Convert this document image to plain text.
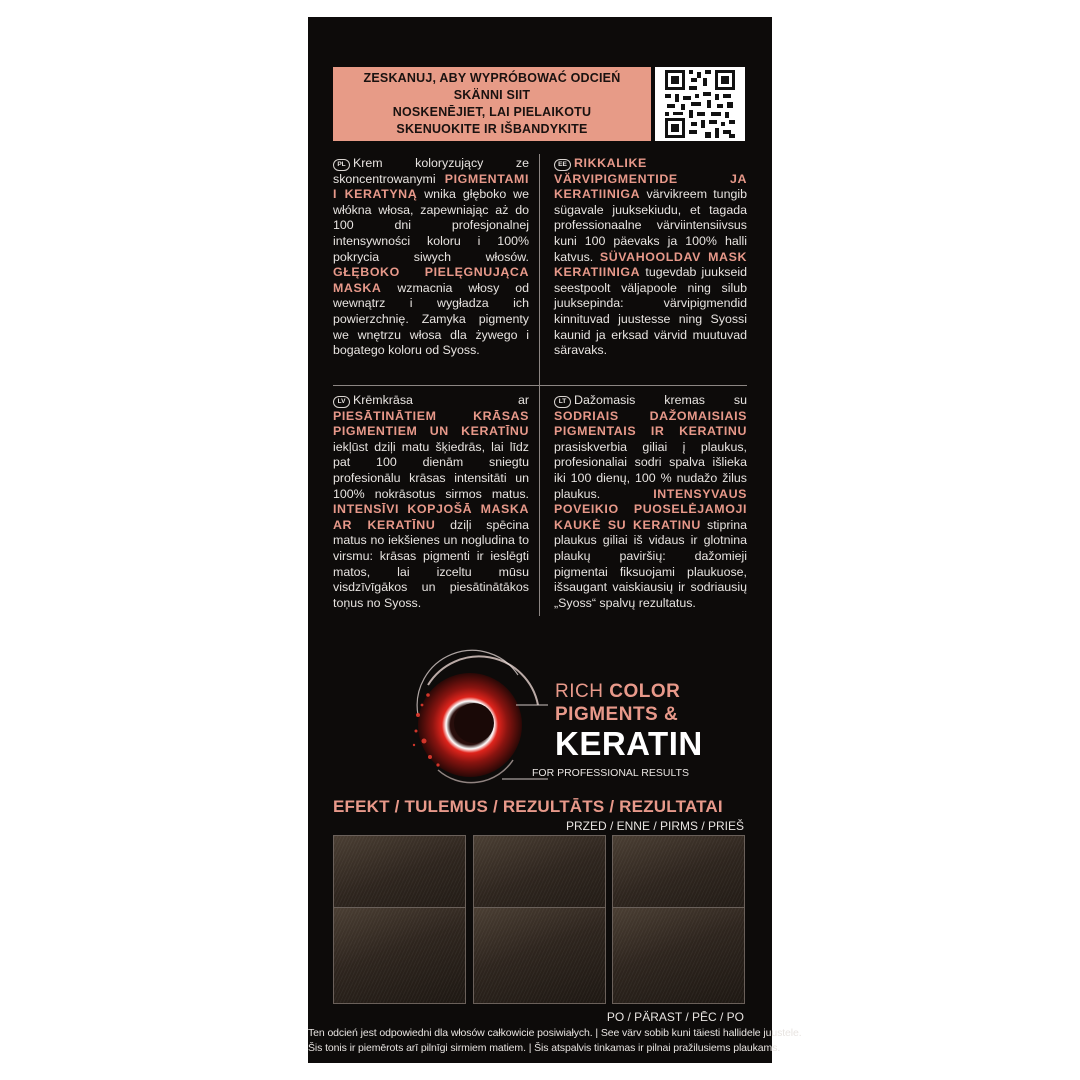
ZESKANUJ, ABY WYPRÓBOWAĆ ODCIEŃ
SKÄNNI SIIT
NOSKENĒJIET, LAI PIELAIKOTU
SKENUOKITE IR IŠBANDYKITE
PL Krem koloryzujący ze skoncentrowanymi PIGMENTAMI I KERATYNĄ wnika głęboko we włókna włosa, zapewniając aż do 100 dni profesjonalnej intensywności koloru i 100% pokrycia siwych włosów. GŁĘBOKO PIELĘGNUJĄCA MASKA wzmacnia włosy od wewnątrz i wygładza ich powierzchnię. Zamyka pigmenty we wnętrzu włosa dla żywego i bogatego koloru od Syoss.
EE RIKKALIKE VÄRVIPIGMENTIDE JA KERATIINIGA värvikreem tungib sügavale juuksekiudu, et tagada professionaalne värviintensiivsus kuni 100 päevaks ja 100% halli katvus. SÜVAHOOLDAV MASK KERATIINIGA tugevdab juukseid seestpoolt väljapoole ning silub juuksepinda: värvipigmendid kinnituvad juustesse ning Syossi kaunid ja erksad värvid muutuvad säravaks.
LV Krēmkrāsa ar PIESĀTINĀTIEM KRĀSAS PIGMENTIEM UN KERATĪNU iekļūst dziļi matu šķiedrās, lai līdz pat 100 dienām sniegtu profesionālu krāsas intensitāti un 100% nokrāsotus sirmos matus. INTENSĪVI KOPJOŠĀ MASKA AR KERATĪNU dziļi spēcina matus no iekšienes un nogludina to virsmu: krāsas pigmenti ir ieslēgti matos, lai izceltu mūsu visdzīvīgākos un piesātinātākos toņus no Syoss.
LT Dažomasis kremas su SODRIAIS DAŽOMAISIAIS PIGMENTAIS IR KERATINU prasiskverbia giliai į plaukus, profesionaliai sodri spalva išlieka iki 100 dienų, 100 % nudažo žilus plaukus.	INTENSYVAUS POVEIKIO PUOSELĖJAMOJI KAUKĖ SU KERATINU stiprina plaukus giliai iš vidaus ir glotnina plaukų paviršių: dažomieji pigmentai fiksuojami plaukuose, išsaugant vaiskiausių ir sodriausių „Syoss“ spalvų rezultatus.
RICH COLOR
PIGMENTS &
KERATIN
FOR PROFESSIONAL RESULTS
EFEKT / TULEMUS / REZULTĀTS / REZULTATAI
PRZED / ENNE / PIRMS / PRIEŠ
PO / PÄRAST / PĒC / PO
Ten odcień jest odpowiedni dla włosów całkowicie posiwiałych. | See värv sobib kuni täiesti hallidele juustele.
Šis tonis ir piemērots arī pilnīgi sirmiem matiem. | Šis atspalvis tinkamas ir pilnai pražilusiems plaukams.
